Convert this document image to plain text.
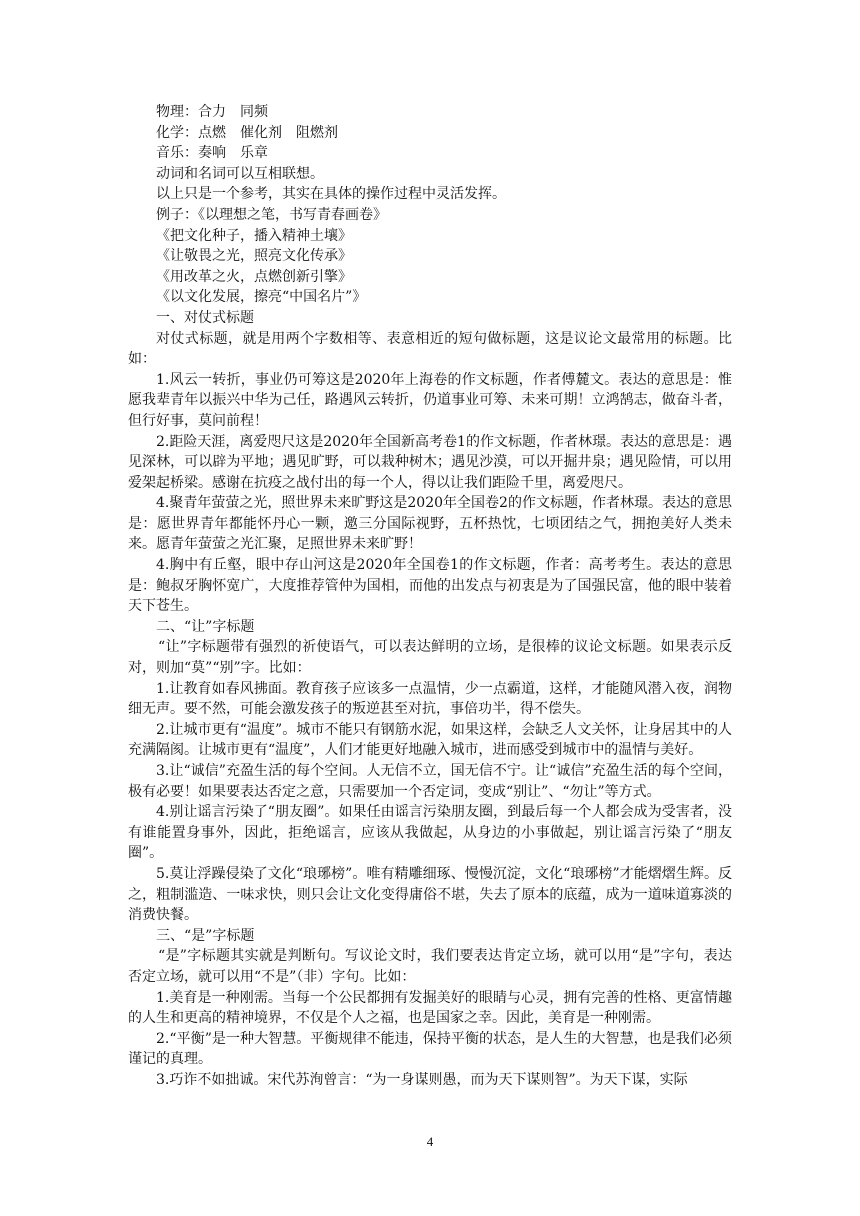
物理：合力　同频

化学：点燃　催化剂　阻燃剂

音乐：奏响　乐章

动词和名词可以互相联想。

以上只是一个参考，其实在具体的操作过程中灵活发挥。

例子：《以理想之笔，书写青春画卷》

《把文化种子，播入精神土壤》

《让敬畏之光，照亮文化传承》

《用改革之火，点燃创新引擎》

《以文化发展，擦亮“中国名片”》

一、对仗式标题

对仗式标题，就是用两个字数相等、表意相近的短句做标题，这是议论文最常用的标题。比如：

1.风云一转折，事业仍可筹这是2020年上海卷的作文标题，作者傅麓文。表达的意思是：惟愿我辈青年以振兴中华为己任，路遇风云转折，仍道事业可筹、未来可期！立鸿鹄志，做奋斗者，但行好事，莫问前程！

2.距险天涯，离爱咫尺这是2020年全国新高考卷1的作文标题，作者林璟。表达的意思是：遇见深林，可以辟为平地；遇见旷野，可以栽种树木；遇见沙漠，可以开掘井泉；遇见险情，可以用爱架起桥梁。感谢在抗疫之战付出的每一个人，得以让我们距险千里，离爱咫尺。

4.聚青年萤萤之光，照世界未来旷野这是2020年全国卷2的作文标题，作者林璟。表达的意思是：愿世界青年都能怀丹心一颗，邀三分国际视野，五杯热忱，七顷团结之气，拥抱美好人类未来。愿青年萤萤之光汇聚，足照世界未来旷野！

4.胸中有丘壑，眼中存山河这是2020年全国卷1的作文标题，作者：高考考生。表达的意思是：鲍叔牙胸怀宽广，大度推荐管仲为国相，而他的出发点与初衷是为了国强民富，他的眼中装着天下苍生。

二、“让”字标题

“让”字标题带有强烈的祈使语气，可以表达鲜明的立场，是很棒的议论文标题。如果表示反对，则加“莫”“别”字。比如：

1.让教育如春风拂面。教育孩子应该多一点温情，少一点霸道，这样，才能随风潜入夜，润物细无声。要不然，可能会激发孩子的叛逆甚至对抗，事倍功半，得不偿失。

2.让城市更有“温度”。城市不能只有钢筋水泥，如果这样，会缺乏人文关怀，让身居其中的人充满隔阂。让城市更有“温度”，人们才能更好地融入城市，进而感受到城市中的温情与美好。

3.让“诚信”充盈生活的每个空间。人无信不立，国无信不宁。让“诚信”充盈生活的每个空间，极有必要！如果要表达否定之意，只需要加一个否定词，变成“别让”、“勿让”等方式。

4.别让谣言污染了“朋友圈”。如果任由谣言污染朋友圈，到最后每一个人都会成为受害者，没有谁能置身事外，因此，拒绝谣言，应该从我做起，从身边的小事做起，别让谣言污染了“朋友圈”。

5.莫让浮躁侵染了文化“琅琊榜”。唯有精雕细琢、慢慢沉淀，文化“琅琊榜”才能熠熠生辉。反之，粗制滥造、一味求快，则只会让文化变得庸俗不堪，失去了原本的底蕴，成为一道味道寡淡的消费快餐。

三、“是”字标题

“是”字标题其实就是判断句。写议论文时，我们要表达肯定立场，就可以用“是”字句，表达否定立场，就可以用“不是”（非）字句。比如：

1.美育是一种刚需。当每一个公民都拥有发掘美好的眼睛与心灵，拥有完善的性格、更富情趣的人生和更高的精神境界，不仅是个人之福，也是国家之幸。因此，美育是一种刚需。

2.“平衡”是一种大智慧。平衡规律不能违，保持平衡的状态，是人生的大智慧，也是我们必须谨记的真理。

3.巧诈不如拙诚。宋代苏洵曾言：“为一身谋则愚，而为天下谋则智”。为天下谋，实际

4
